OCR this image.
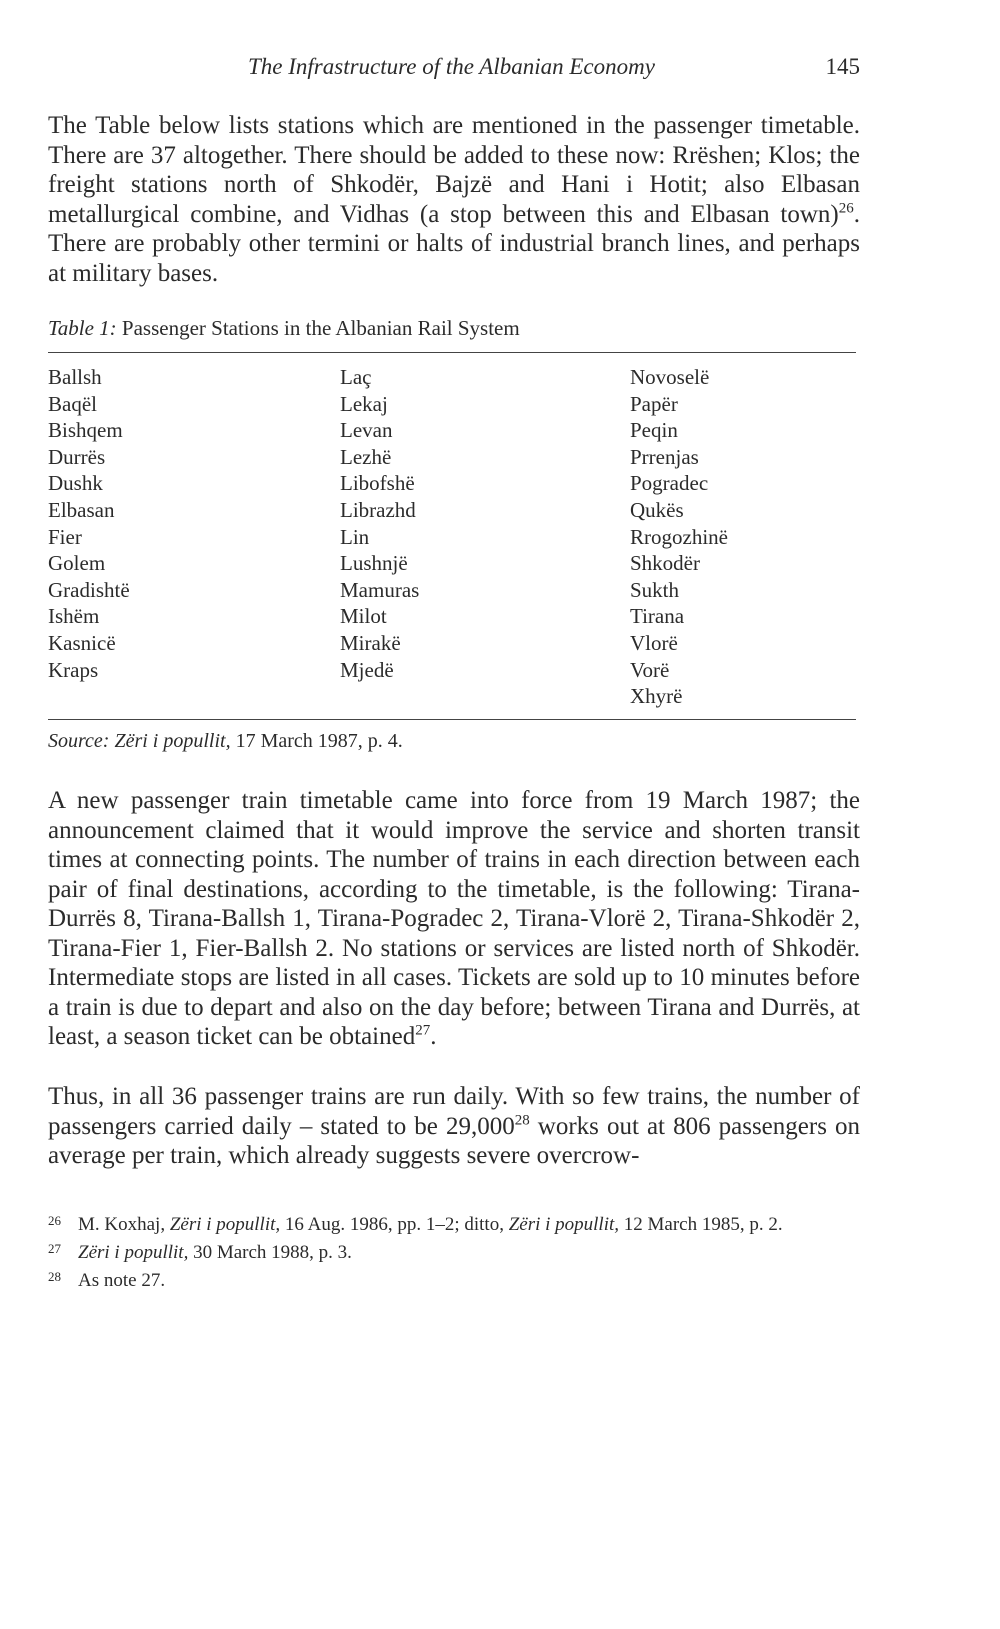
The Infrastructure of the Albanian Economy	145

The Table below lists stations which are mentioned in the passenger timetable. There are 37 altogether. There should be added to these now: Rrëshen; Klos; the freight stations north of Shkodër, Bajzë and Hani i Hotit; also Elbasan metallurgical combine, and Vidhas (a stop between this and Elbasan town)$^{26}$. There are probably other termini or halts of industrial branch lines, and perhaps at military bases.

Table 1: Passenger Stations in the Albanian Rail System
Ballsh
Baqël
Bishqem
Durrës
Dushk
Elbasan
Fier
Golem
Gradishtë
Ishëm
Kasnicë
Kraps
Laç
Lekaj
Levan
Lezhë
Libofshë
Librazhd
Lin
Lushnjë
Mamuras
Milot
Mirakë
Mjedë
Novoselë
Papër
Peqin
Prrenjas
Pogradec
Qukës
Rrogozhinë
Shkodër
Sukth
Tirana
Vlorë
Vorë
Xhyrë
Source: Zëri i popullit, 17 March 1987, p. 4.

A new passenger train timetable came into force from 19 March 1987; the announcement claimed that it would improve the service and shorten transit times at connecting points. The number of trains in each direction between each pair of final destinations, according to the timetable, is the following: Tirana-Durrës 8, Tirana-Ballsh 1, Tirana-Pogradec 2, Tirana-Vlorë 2, Tirana-Shkodër 2, Tirana-Fier 1, Fier-Ballsh 2. No stations or services are listed north of Shkodër. Intermediate stops are listed in all cases. Tickets are sold up to 10 minutes before a train is due to depart and also on the day before; between Tirana and Durrës, at least, a season ticket can be obtained$^{27}$.

Thus, in all 36 passenger trains are run daily. With so few trains, the number of passengers carried daily – stated to be 29,000$^{28}$ works out at 806 passengers on average per train, which already suggests severe overcrow-

26 M. Koxhaj, Zëri i popullit, 16 Aug. 1986, pp. 1–2; ditto, Zëri i popullit, 12 March 1985, p. 2.
27 Zëri i popullit, 30 March 1988, p. 3.
28 As note 27.
